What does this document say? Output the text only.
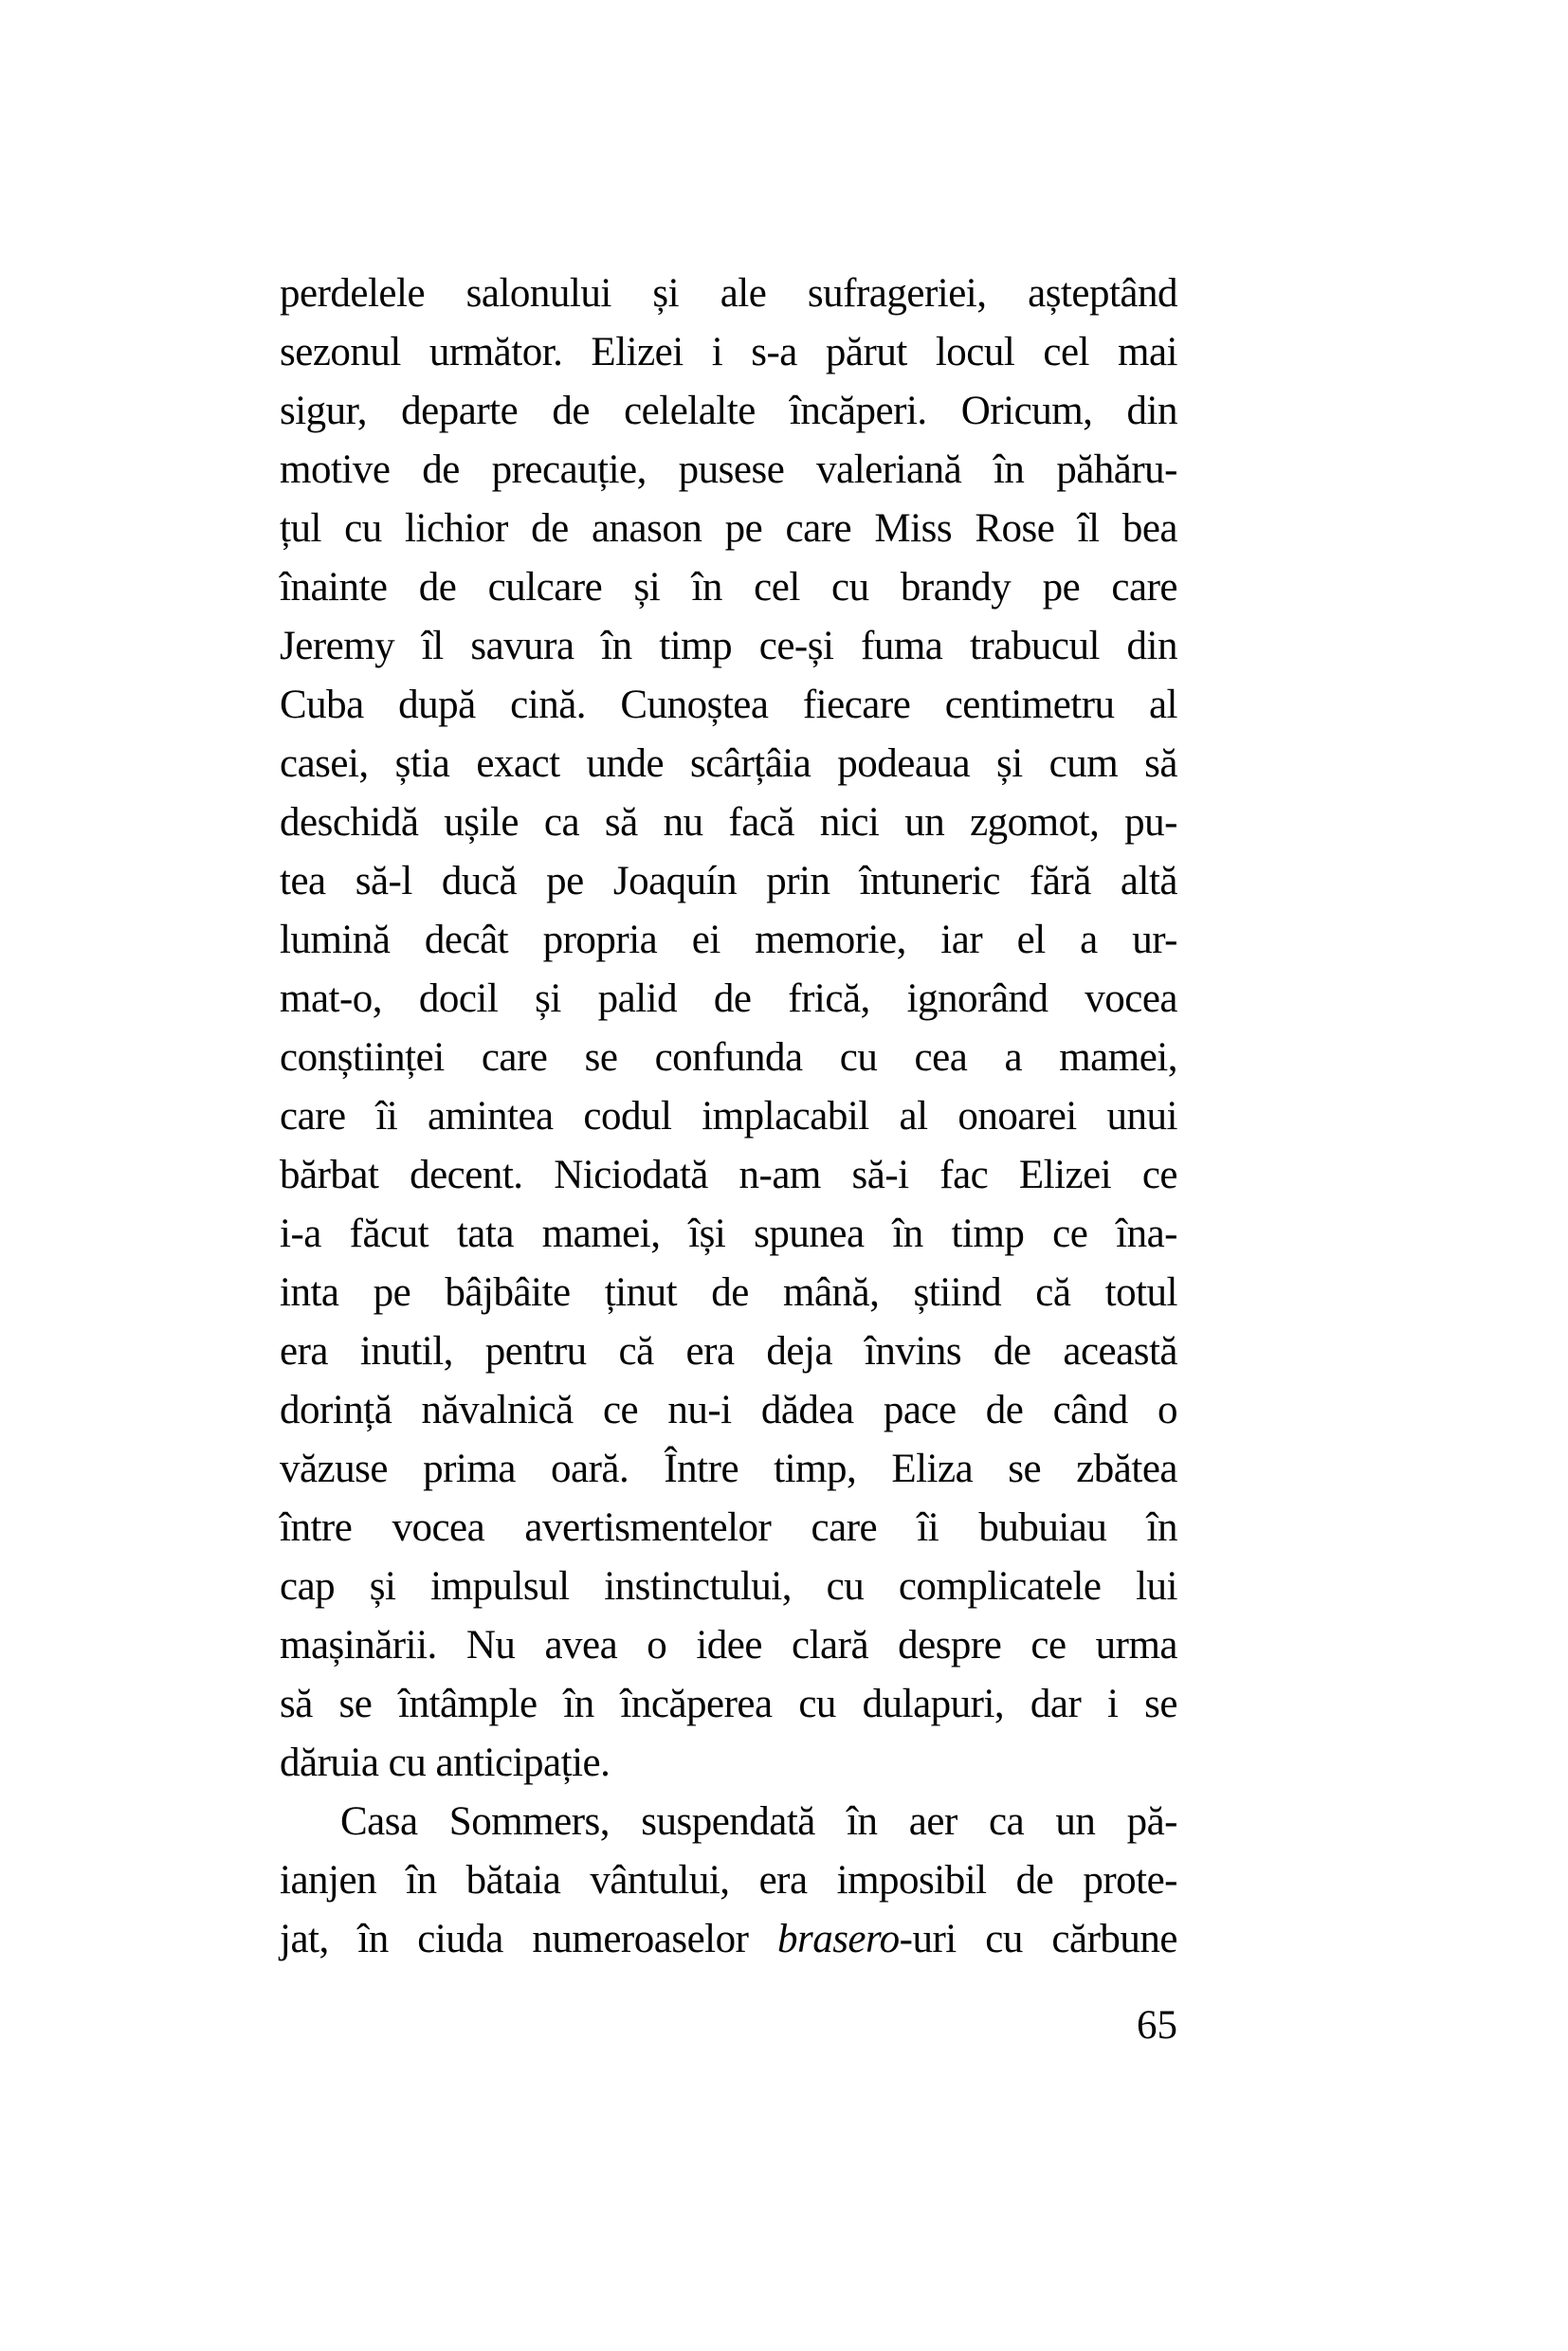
perdelele salonului și ale sufrageriei, așteptând
sezonul următor. Elizei i s-a părut locul cel mai
sigur, departe de celelalte încăperi. Oricum, din
motive de precauție, pusese valeriană în păhăru-
țul cu lichior de anason pe care Miss Rose îl bea
înainte de culcare și în cel cu brandy pe care
Jeremy îl savura în timp ce-și fuma trabucul din
Cuba după cină. Cunoștea fiecare centimetru al
casei, știa exact unde scârțâia podeaua și cum să
deschidă ușile ca să nu facă nici un zgomot, pu-
tea să-l ducă pe Joaquín prin întuneric fără altă
lumină decât propria ei memorie, iar el a ur-
mat-o, docil și palid de frică, ignorând vocea
conștiinței care se confunda cu cea a mamei,
care îi amintea codul implacabil al onoarei unui
bărbat decent. Niciodată n-am să-i fac Elizei ce
i-a făcut tata mamei, își spunea în timp ce îna-
inta pe bâjbâite ținut de mână, știind că totul
era inutil, pentru că era deja învins de această
dorință năvalnică ce nu-i dădea pace de când o
văzuse prima oară. Între timp, Eliza se zbătea
între vocea avertismentelor care îi bubuiau în
cap și impulsul instinctului, cu complicatele lui
mașinării. Nu avea o idee clară despre ce urma
să se întâmple în încăperea cu dulapuri, dar i se
dăruia cu anticipație.
Casa Sommers, suspendată în aer ca un pă-
ianjen în bătaia vântului, era imposibil de prote-
jat, în ciuda numeroaselor brasero-uri cu cărbune
65
